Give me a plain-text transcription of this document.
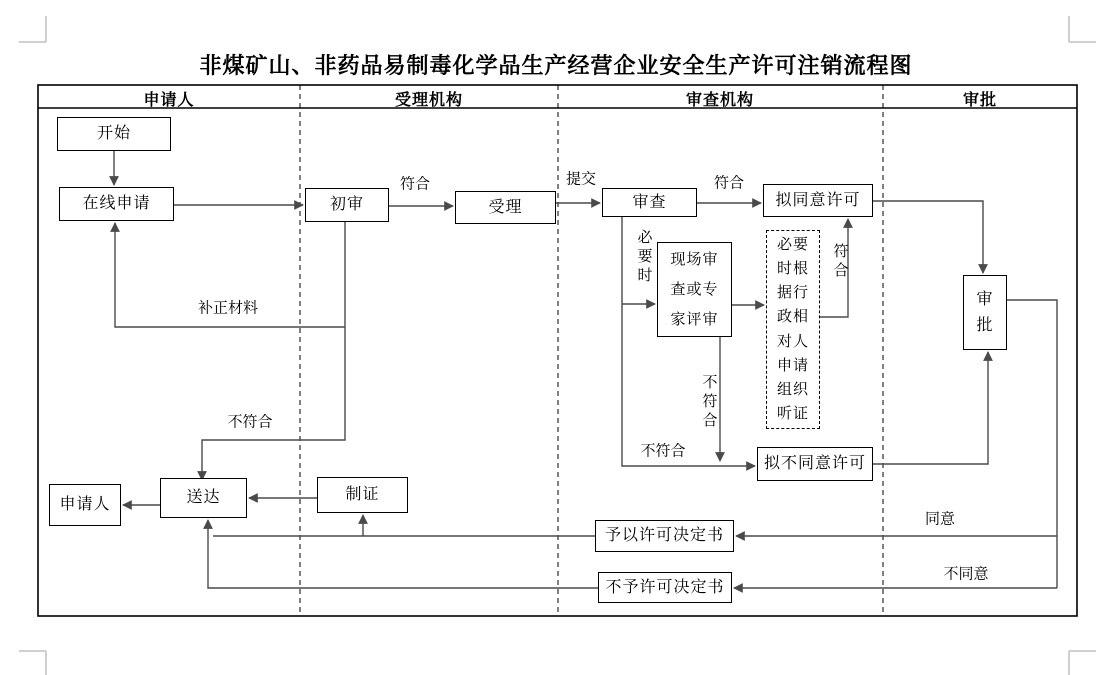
非煤矿山、非药品易制毒化学品生产经营企业安全生产许可注销流程图
申请人	受理机构	审查机构	审批
开始
在线申请	初审	受理	审查	拟同意许可
现场审查或专家评审
必要时根据行政相对人申请组织听证
审批
拟不同意许可
申请人	送达	制证
予以许可决定书
不予许可决定书
符合	提交	符合
补正材料
不符合
必要时
符合
不符合
不符合
同意
不同意
